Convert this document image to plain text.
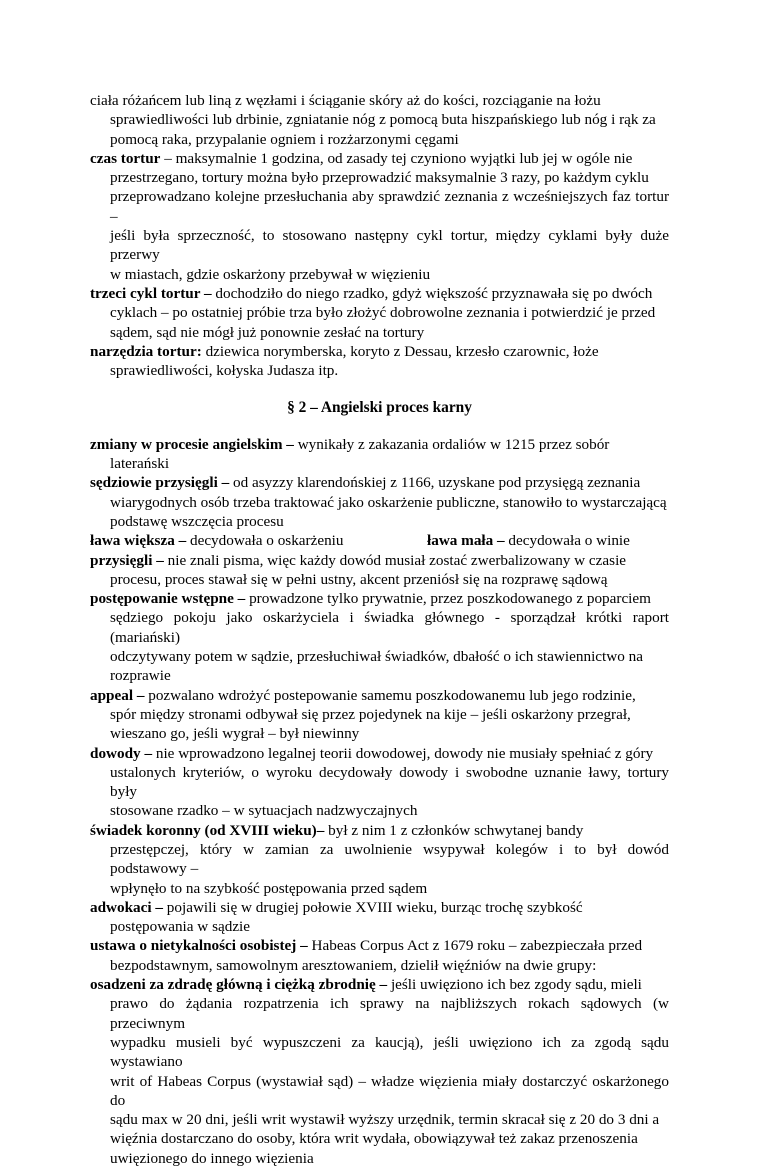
ciała różańcem lub liną z węzłami i ściąganie skóry aż do kości, rozciąganie na łożu
sprawiedliwości lub drbinie, zgniatanie nóg z pomocą buta hiszpańskiego lub nóg i rąk za
pomocą raka, przypalanie ogniem i rozżarzonymi cęgami
czas tortur – maksymalnie 1 godzina, od zasady tej czyniono wyjątki lub jej w ogóle nie
przestrzegano, tortury można było przeprowadzić maksymalnie 3 razy, po każdym cyklu
przeprowadzano kolejne przesłuchania aby sprawdzić zeznania z wcześniejszych faz tortur –
jeśli była sprzeczność, to stosowano następny cykl tortur, między cyklami były duże przerwy
w miastach, gdzie oskarżony przebywał w więzieniu
trzeci cykl tortur – dochodziło do niego rzadko, gdyż większość przyznawała się po dwóch
cyklach – po ostatniej próbie trza było złożyć dobrowolne zeznania i potwierdzić je przed
sądem, sąd nie mógł już ponownie zesłać na tortury
narzędzia tortur: dziewica norymberska, koryto z Dessau, krzesło czarownic, łoże
sprawiedliwości, kołyska Judasza itp.
§ 2 – Angielski proces karny
zmiany w procesie angielskim – wynikały z zakazania ordaliów w 1215 przez sobór
laterański
sędziowie przysięgli – od asyzzy klarendońskiej z 1166, uzyskane pod przysięgą zeznania
wiarygodnych osób trzeba traktować jako oskarżenie publiczne, stanowiło to wystarczającą
podstawę wszczęcia procesu
ława większa – decydowała o oskarżeniu	ława mała – decydowała o winie
przysięgli – nie znali pisma, więc każdy dowód musiał zostać zwerbalizowany w czasie
procesu, proces stawał się w pełni ustny, akcent przeniósł się na rozprawę sądową
postępowanie wstępne – prowadzone tylko prywatnie, przez poszkodowanego z poparciem
sędziego pokoju jako oskarżyciela i świadka głównego - sporządzał krótki raport (mariański)
odczytywany potem w sądzie, przesłuchiwał świadków, dbałość o ich stawiennictwo na
rozprawie
appeal – pozwalano wdrożyć postepowanie samemu poszkodowanemu lub jego rodzinie,
spór między stronami odbywał się przez pojedynek na kije – jeśli oskarżony przegrał,
wieszano go, jeśli wygrał – był niewinny
dowody – nie wprowadzono legalnej teorii dowodowej, dowody nie musiały spełniać z góry
ustalonych kryteriów, o wyroku decydowały dowody i swobodne uznanie ławy, tortury były
stosowane rzadko – w sytuacjach nadzwyczajnych
świadek koronny (od XVIII wieku)– był z nim 1 z członków schwytanej bandy
przestępczej, który w zamian za uwolnienie wsypywał kolegów i to był dowód podstawowy –
wpłynęło to na szybkość postępowania przed sądem
adwokaci – pojawili się w drugiej połowie XVIII wieku, burząc trochę szybkość
postępowania w sądzie
ustawa o nietykalności osobistej – Habeas Corpus Act z 1679 roku – zabezpieczała przed
bezpodstawnym, samowolnym aresztowaniem, dzielił więźniów na dwie grupy:
osadzeni za zdradę główną i ciężką zbrodnię – jeśli uwięziono ich bez zgody sądu, mieli
prawo do żądania rozpatrzenia ich sprawy na najbliższych rokach sądowych (w przeciwnym
wypadku musieli być wypuszczeni za kaucją), jeśli uwięziono ich za zgodą sądu wystawiano
writ of Habeas Corpus (wystawiał sąd) – władze więzienia miały dostarczyć oskarżonego do
sądu max w 20 dni, jeśli writ wystawił wyższy urzędnik, termin skracał się z 20 do 3 dni a
więźnia dostarczano do osoby, która writ wydała, obowiązywał też zakaz przenoszenia
uwięzionego do innego więzienia
